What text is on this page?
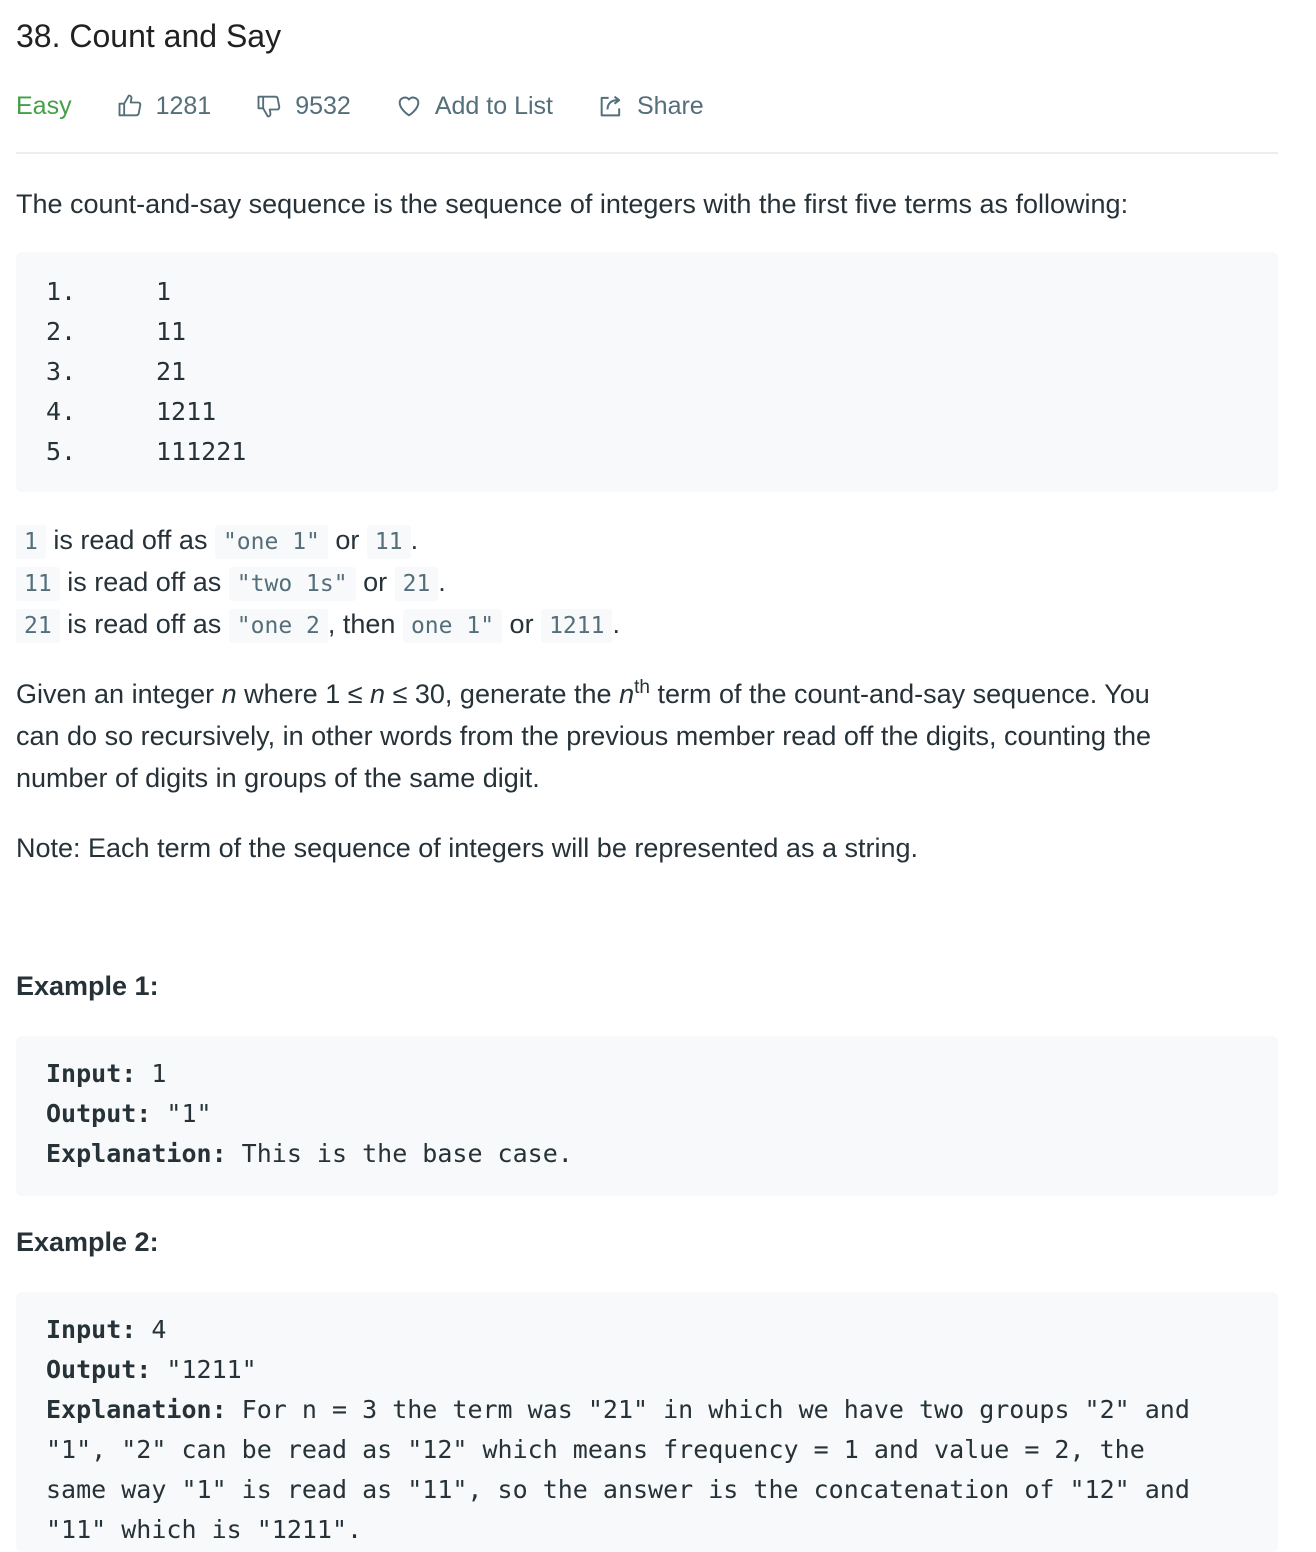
38. Count and Say
Easy	1281	9532	Add to List	Share
The count-and-say sequence is the sequence of integers with the first five terms as following:
1.	1
2.	11
3.	21
4.	1211
5.	111221
1 is read off as "one 1" or 11 .
11 is read off as "two 1s" or 21 .
21 is read off as "one 2 , then one 1" or 1211 .
Given an integer n where 1 ≤ n ≤ 30, generate the $n^{th}$ term of the count-and-say sequence. You
can do so recursively, in other words from the previous member read off the digits, counting the
number of digits in groups of the same digit.
Note: Each term of the sequence of integers will be represented as a string.
Example 1:
Input: 1
Output: "1"
Explanation: This is the base case.
Example 2:
Input: 4
Output: "1211"
Explanation: For n = 3 the term was "21" in which we have two groups "2" and
"1", "2" can be read as "12" which means frequency = 1 and value = 2, the
same way "1" is read as "11", so the answer is the concatenation of "12" and
"11" which is "1211".
